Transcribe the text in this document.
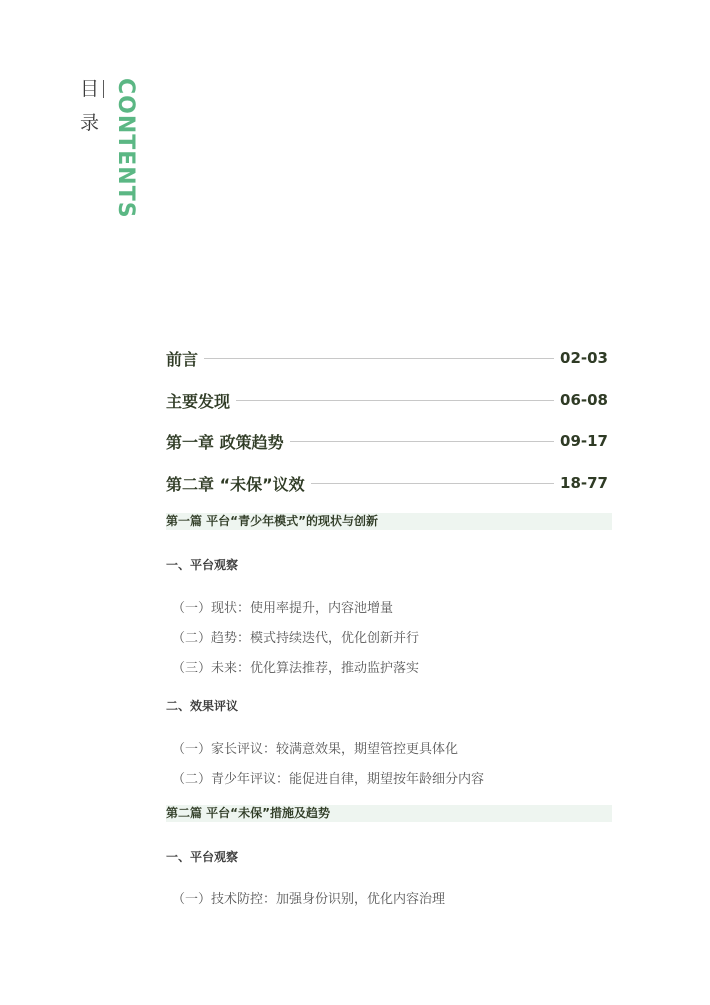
目
录 CONTENTS
前言	02-03
主要发现	06-08
第一章 政策趋势	09-17
第二章 “未保”议效	18-77
第一篇 平台“青少年模式”的现状与创新
一、平台观察
（一）现状：使用率提升，内容池增量
（二）趋势：模式持续迭代，优化创新并行
（三）未来：优化算法推荐，推动监护落实
二、效果评议
（一）家长评议：较满意效果，期望管控更具体化
（二）青少年评议：能促进自律，期望按年龄细分内容
第二篇 平台“未保”措施及趋势
一、平台观察
（一）技术防控：加强身份识别，优化内容治理
